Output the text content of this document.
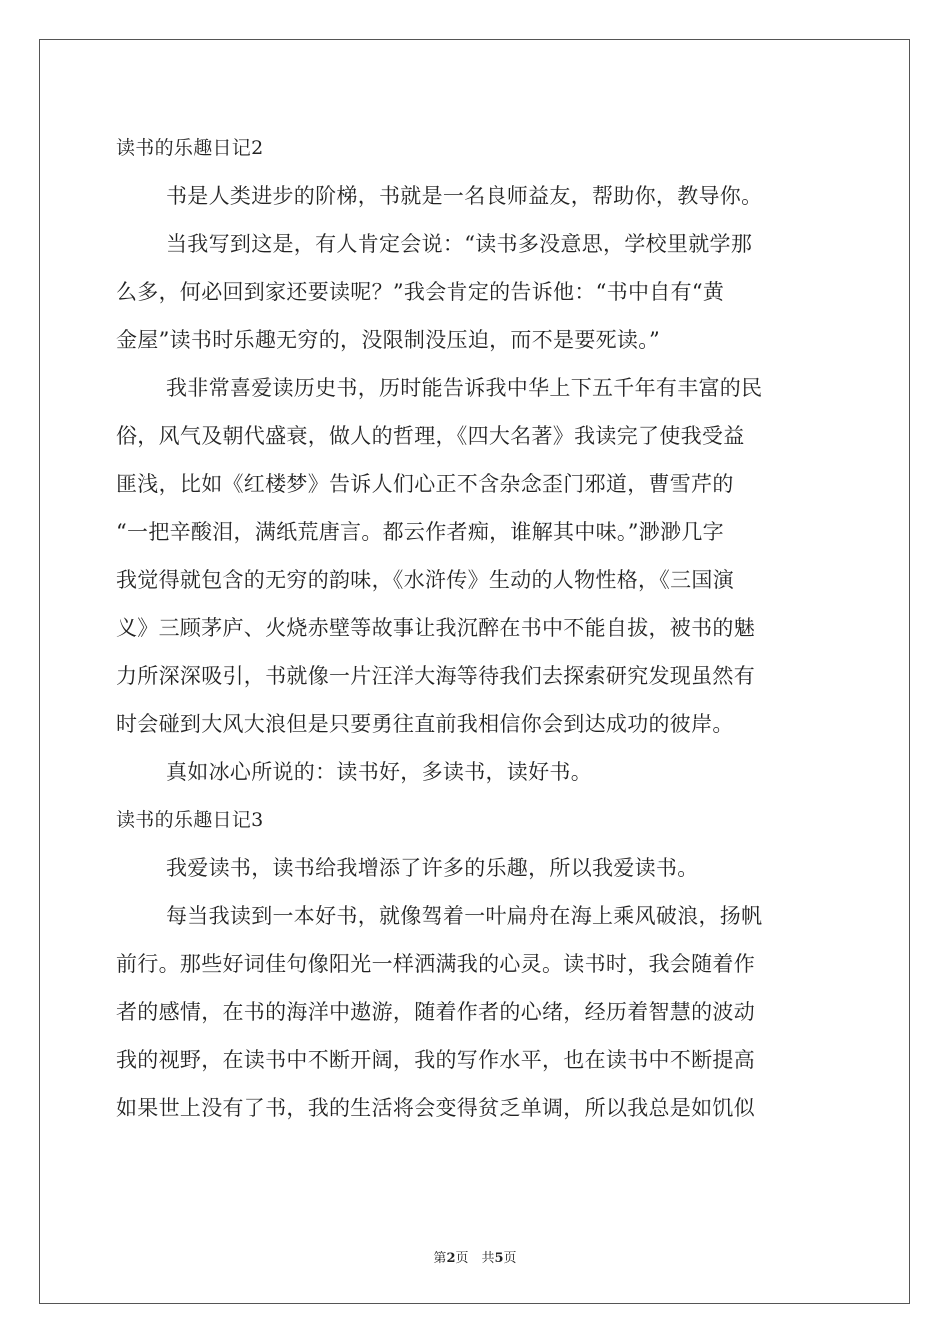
读书的乐趣日记2
书是人类进步的阶梯，书就是一名良师益友，帮助你，教导你。
当我写到这是，有人肯定会说：“读书多没意思，学校里就学那
么多，何必回到家还要读呢？”我会肯定的告诉他：“书中自有“黄
金屋”读书时乐趣无穷的，没限制没压迫，而不是要死读。”
我非常喜爱读历史书，历时能告诉我中华上下五千年有丰富的民
俗，风气及朝代盛衰，做人的哲理，《四大名著》我读完了使我受益
匪浅，比如《红楼梦》告诉人们心正不含杂念歪门邪道，曹雪芹的
“一把辛酸泪，满纸荒唐言。都云作者痴，谁解其中味。”渺渺几字
我觉得就包含的无穷的韵味，《水浒传》生动的人物性格，《三国演
义》三顾茅庐、火烧赤壁等故事让我沉醉在书中不能自拔，被书的魅
力所深深吸引，书就像一片汪洋大海等待我们去探索研究发现虽然有
时会碰到大风大浪但是只要勇往直前我相信你会到达成功的彼岸。
真如冰心所说的：读书好，多读书，读好书。
读书的乐趣日记3
我爱读书，读书给我增添了许多的乐趣，所以我爱读书。
每当我读到一本好书，就像驾着一叶扁舟在海上乘风破浪，扬帆
前行。那些好词佳句像阳光一样洒满我的心灵。读书时，我会随着作
者的感情，在书的海洋中遨游，随着作者的心绪，经历着智慧的波动
我的视野，在读书中不断开阔，我的写作水平，也在读书中不断提高
如果世上没有了书，我的生活将会变得贫乏单调，所以我总是如饥似
第2页　共5页
